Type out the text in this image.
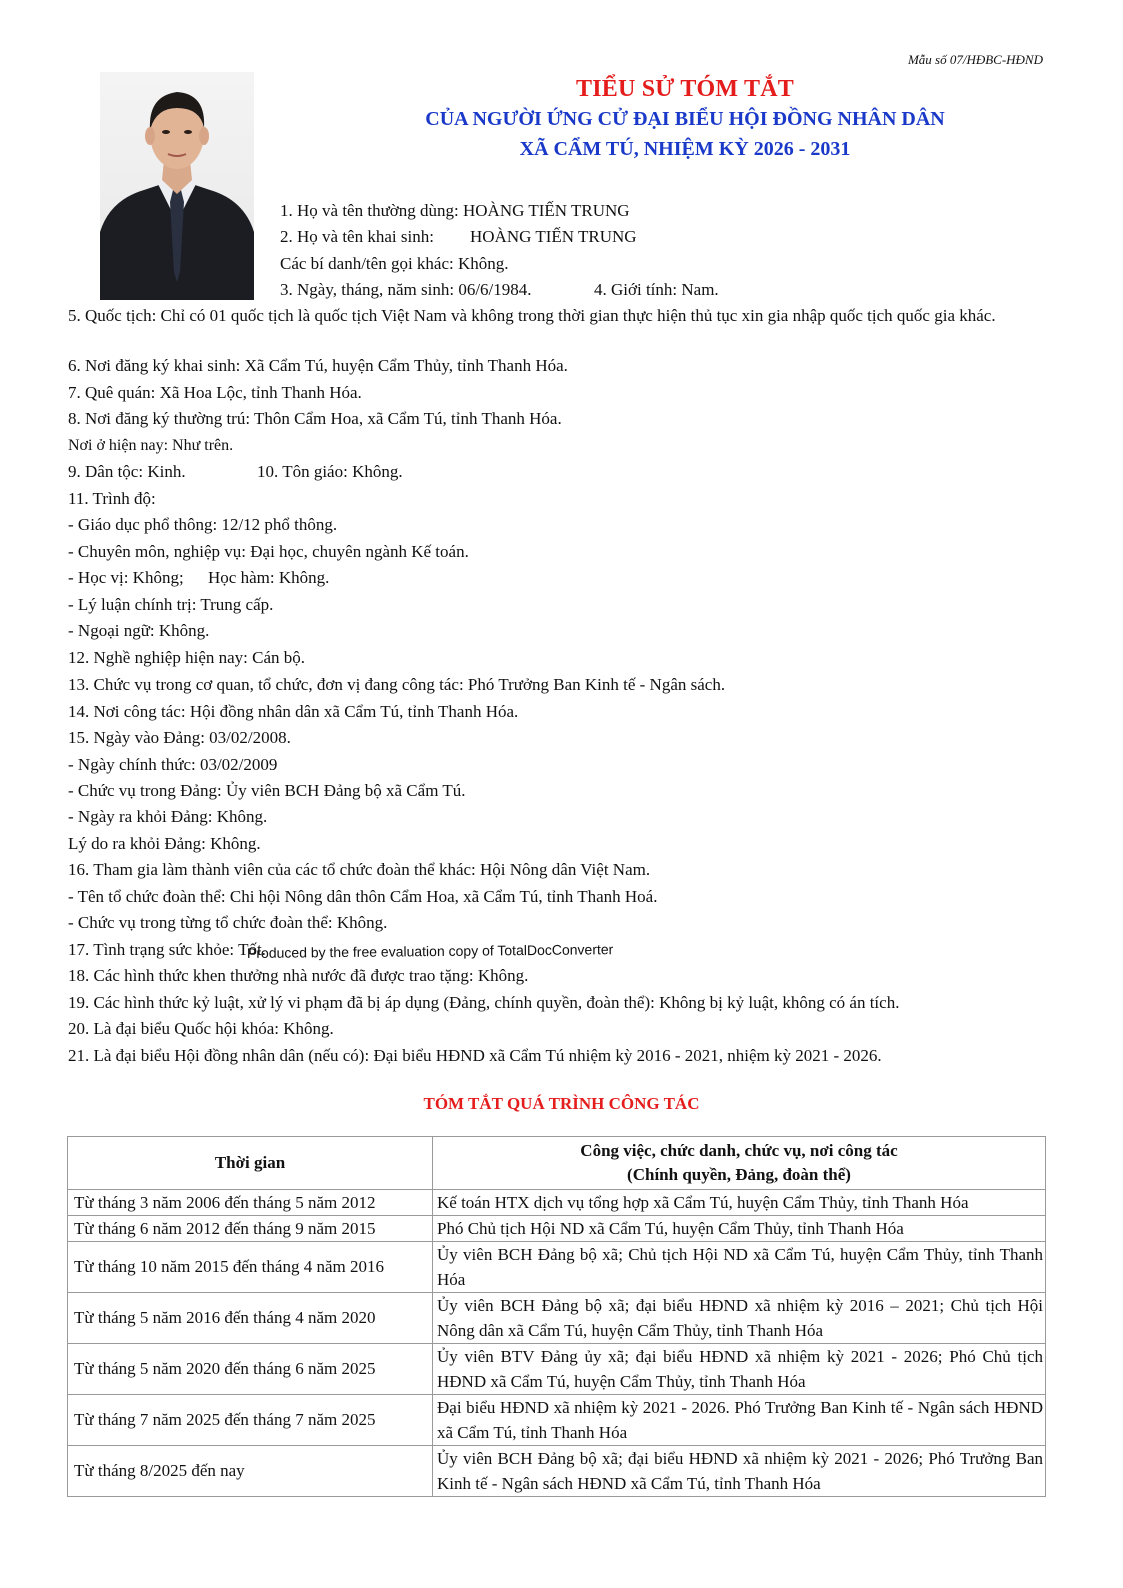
Mẫu số 07/HĐBC-HĐND
TIỂU SỬ TÓM TẮT
CỦA NGƯỜI ỨNG CỬ ĐẠI BIỂU HỘI ĐỒNG NHÂN DÂN
XÃ CẨM TÚ, NHIỆM KỲ 2026 - 2031
1. Họ và tên thường dùng: HOÀNG TIẾN TRUNG
2. Họ và tên khai sinh: HOÀNG TIẾN TRUNG
Các bí danh/tên gọi khác: Không.
3. Ngày, tháng, năm sinh: 06/6/1984.	4. Giới tính: Nam.
5. Quốc tịch: Chỉ có 01 quốc tịch là quốc tịch Việt Nam và không trong thời gian thực hiện thủ tục xin gia nhập quốc tịch quốc gia khác.
6. Nơi đăng ký khai sinh: Xã Cẩm Tú, huyện Cẩm Thủy, tỉnh Thanh Hóa.
7. Quê quán: Xã Hoa Lộc, tỉnh Thanh Hóa.
8. Nơi đăng ký thường trú: Thôn Cẩm Hoa, xã Cẩm Tú, tỉnh Thanh Hóa.
Nơi ở hiện nay: Như trên.
9. Dân tộc: Kinh.	10. Tôn giáo: Không.
11. Trình độ:
- Giáo dục phổ thông: 12/12 phổ thông.
- Chuyên môn, nghiệp vụ: Đại học, chuyên ngành Kế toán.
- Học vị: Không; Học hàm: Không.
- Lý luận chính trị: Trung cấp.
- Ngoại ngữ: Không.
12. Nghề nghiệp hiện nay: Cán bộ.
13. Chức vụ trong cơ quan, tổ chức, đơn vị đang công tác: Phó Trưởng Ban Kinh tế - Ngân sách.
14. Nơi công tác: Hội đồng nhân dân xã Cẩm Tú, tỉnh Thanh Hóa.
15. Ngày vào Đảng: 03/02/2008.
- Ngày chính thức: 03/02/2009
- Chức vụ trong Đảng: Ủy viên BCH Đảng bộ xã Cẩm Tú.
- Ngày ra khỏi Đảng: Không.
Lý do ra khỏi Đảng: Không.
16. Tham gia làm thành viên của các tổ chức đoàn thể khác: Hội Nông dân Việt Nam.
- Tên tổ chức đoàn thể: Chi hội Nông dân thôn Cẩm Hoa, xã Cẩm Tú, tỉnh Thanh Hoá.
- Chức vụ trong từng tổ chức đoàn thể: Không.
17. Tình trạng sức khỏe: Tốt.
Produced by the free evaluation copy of TotalDocConverter
18. Các hình thức khen thưởng nhà nước đã được trao tặng: Không.
19. Các hình thức kỷ luật, xử lý vi phạm đã bị áp dụng (Đảng, chính quyền, đoàn thể): Không bị kỷ luật, không có án tích.
20. Là đại biểu Quốc hội khóa: Không.
21. Là đại biểu Hội đồng nhân dân (nếu có): Đại biểu HĐND xã Cẩm Tú nhiệm kỳ 2016 - 2021, nhiệm kỳ 2021 - 2026.
TÓM TẮT QUÁ TRÌNH CÔNG TÁC
Thời gian	Công việc, chức danh, chức vụ, nơi công tác
(Chính quyền, Đảng, đoàn thể)

Từ tháng 3 năm 2006 đến tháng 5 năm 2012	Kế toán HTX dịch vụ tổng hợp xã Cẩm Tú, huyện Cẩm Thủy, tỉnh Thanh Hóa
Từ tháng 6 năm 2012 đến tháng 9 năm 2015	Phó Chủ tịch Hội ND xã Cẩm Tú, huyện Cẩm Thủy, tỉnh Thanh Hóa
Từ tháng 10 năm 2015 đến tháng 4 năm 2016	Ủy viên BCH Đảng bộ xã; Chủ tịch Hội ND xã Cẩm Tú, huyện Cẩm Thủy, tỉnh Thanh Hóa
Từ tháng 5 năm 2016 đến tháng 4 năm 2020	Ủy viên BCH Đảng bộ xã; đại biểu HĐND xã nhiệm kỳ 2016 – 2021; Chủ tịch Hội Nông dân xã Cẩm Tú, huyện Cẩm Thủy, tỉnh Thanh Hóa
Từ tháng 5 năm 2020 đến tháng 6 năm 2025	Ủy viên BTV Đảng ủy xã; đại biểu HĐND xã nhiệm kỳ 2021 - 2026; Phó Chủ tịch HĐND xã Cẩm Tú, huyện Cẩm Thủy, tỉnh Thanh Hóa
Từ tháng 7 năm 2025 đến tháng 7 năm 2025	Đại biểu HĐND xã nhiệm kỳ 2021 - 2026. Phó Trưởng Ban Kinh tế - Ngân sách HĐND xã Cẩm Tú, tỉnh Thanh Hóa
Từ tháng 8/2025 đến nay	Ủy viên BCH Đảng bộ xã; đại biểu HĐND xã nhiệm kỳ 2021 - 2026; Phó Trưởng Ban Kinh tế - Ngân sách HĐND xã Cẩm Tú, tỉnh Thanh Hóa
